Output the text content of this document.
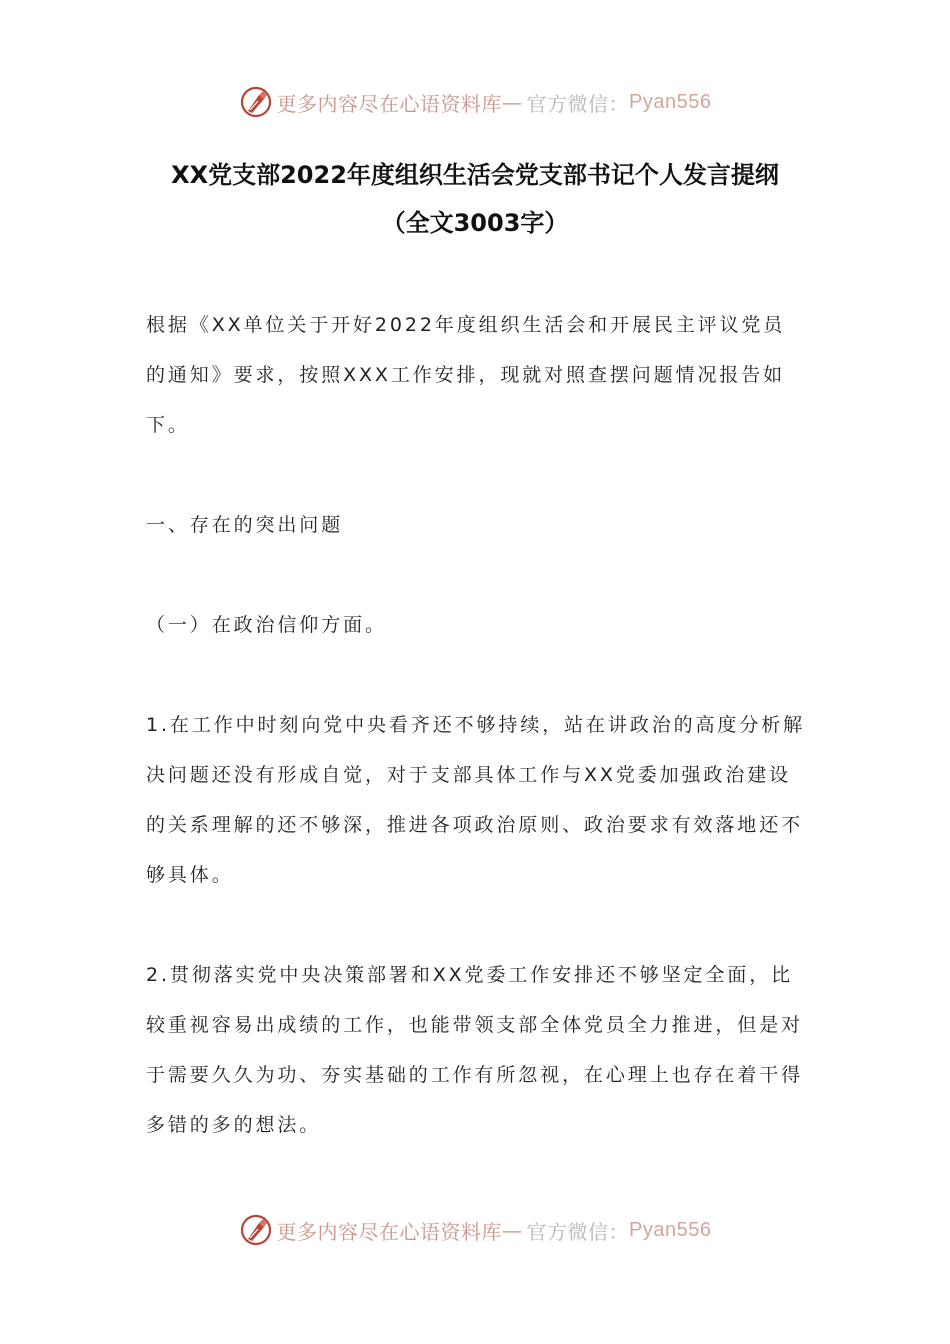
更多内容尽在心语资料库 — 官方微信： Pyan556
XX党支部2022年度组织生活会党支部书记个人发言提纲
（全文3003字）

根据《XX单位关于开好2022年度组织生活会和开展民主评议党员的通知》要求，按照XXX工作安排，现就对照查摆问题情况报告如下。

一、存在的突出问题

（一）在政治信仰方面。

1.在工作中时刻向党中央看齐还不够持续，站在讲政治的高度分析解决问题还没有形成自觉，对于支部具体工作与XX党委加强政治建设的关系理解的还不够深，推进各项政治原则、政治要求有效落地还不够具体。

2.贯彻落实党中央决策部署和XX党委工作安排还不够坚定全面，比较重视容易出成绩的工作，也能带领支部全体党员全力推进，但是对于需要久久为功、夯实基础的工作有所忽视，在心理上也存在着干得多错的多的想法。

更多内容尽在心语资料库 — 官方微信： Pyan556
